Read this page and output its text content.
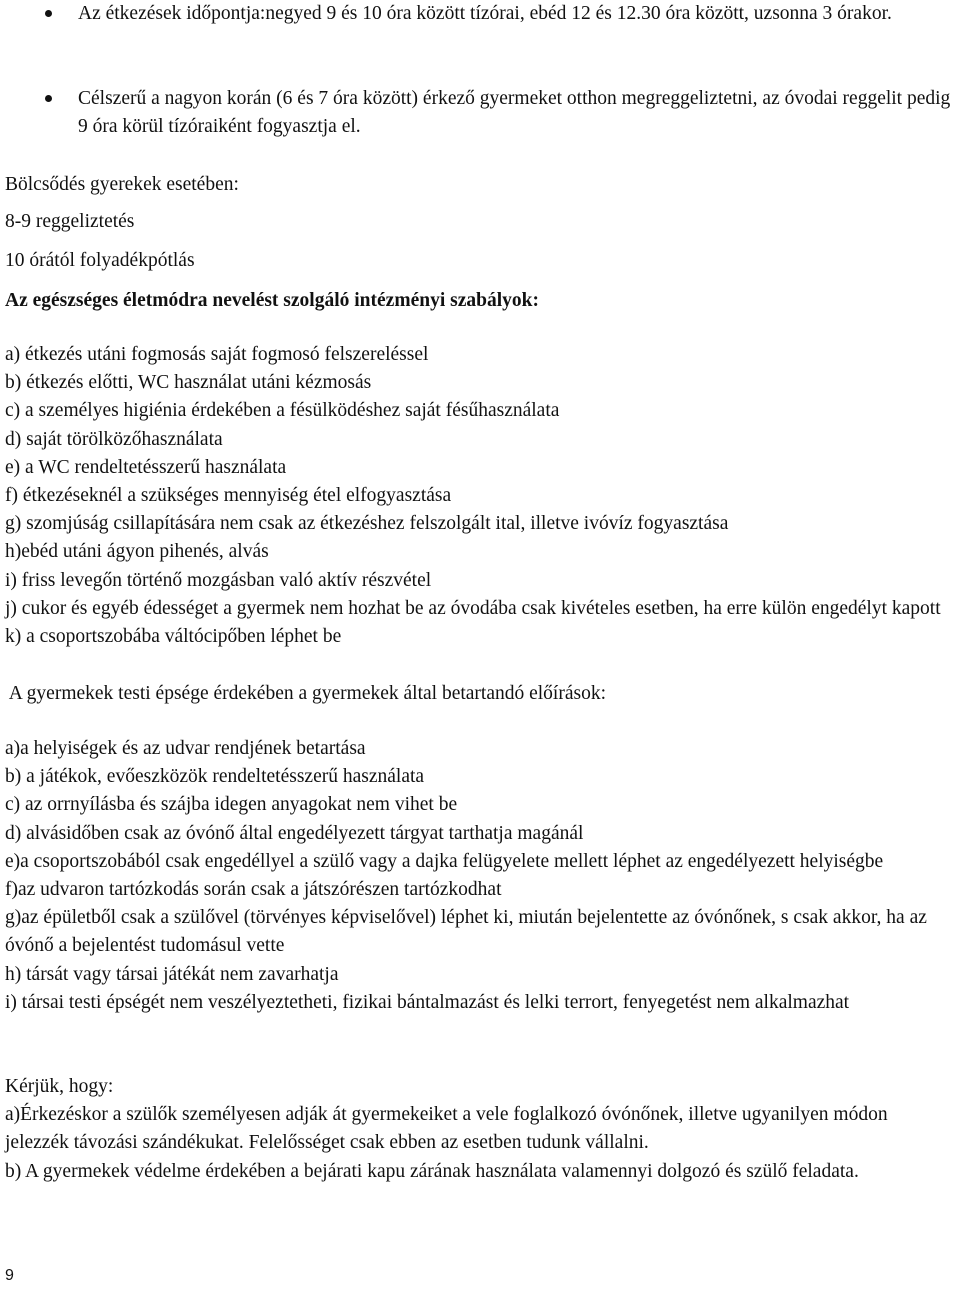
Az étkezések időpontja:negyed 9 és 10 óra között tízórai, ebéd 12 és 12.30 óra között, uzsonna 3 órakor.
Célszerű a nagyon korán (6 és 7 óra között) érkező gyermeket otthon megreggeliztetni, az óvodai reggelit pedig 9 óra körül tízóraiként fogyasztja el.
Bölcsődés gyerekek esetében:
8-9 reggeliztetés
10 órától folyadékpótlás
Az egészséges életmódra nevelést szolgáló intézményi szabályok:
a) étkezés utáni fogmosás saját fogmosó felszereléssel
b) étkezés előtti, WC használat utáni kézmosás
c) a személyes higiénia érdekében a fésülködéshez saját fésűhasználata
d) saját törölközőhasználata
e) a WC rendeltetésszerű használata
f) étkezéseknél a szükséges mennyiség étel elfogyasztása
g) szomjúság csillapítására nem csak az étkezéshez felszolgált ital, illetve ivóvíz fogyasztása
h)ebéd utáni ágyon pihenés, alvás
i) friss levegőn történő mozgásban való aktív részvétel
j) cukor és egyéb édességet a gyermek nem hozhat be az óvodába csak kivételes esetben, ha erre külön engedélyt kapott
k) a csoportszobába váltócipőben léphet be
A gyermekek testi épsége érdekében a gyermekek által betartandó előírások:
a)a helyiségek és az udvar rendjének betartása
b) a játékok, evőeszközök rendeltetésszerű használata
c) az orrnyílásba és szájba idegen anyagokat nem vihet be
d) alvásidőben csak az óvónő által engedélyezett tárgyat tarthatja magánál
e)a csoportszobából csak engedéllyel a szülő vagy a dajka felügyelete mellett léphet az engedélyezett helyiségbe
f)az udvaron tartózkodás során csak a játszórészen tartózkodhat
g)az épületből csak a szülővel (törvényes képviselővel) léphet ki, miután bejelentette az óvónőnek, s csak akkor, ha az óvónő a bejelentést tudomásul vette
h) társát vagy társai játékát nem zavarhatja
i) társai testi épségét nem veszélyeztetheti, fizikai bántalmazást és lelki terrort, fenyegetést nem alkalmazhat
Kérjük, hogy:
a)Érkezéskor a szülők személyesen adják át gyermekeiket a vele foglalkozó óvónőnek, illetve ugyanilyen módon jelezzék távozási szándékukat. Felelősséget csak ebben az esetben tudunk vállalni.
b) A gyermekek védelme érdekében a bejárati kapu zárának használata valamennyi dolgozó és szülő feladata.
9
